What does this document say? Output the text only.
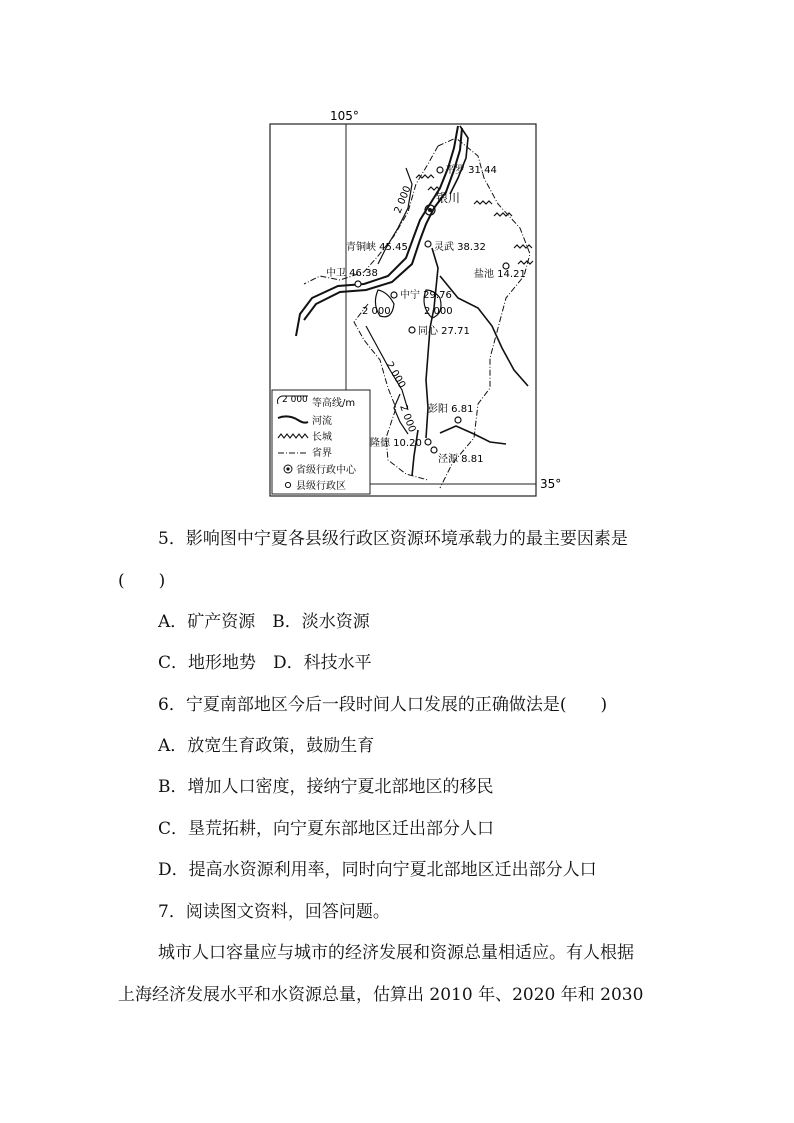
105°
35°
2 000
2 000	2 000
2 000
2 000
银川
平罗 31.44
青铜峡 45.45	灵武 38.32
盐池 14.21
中卫 46.38
中宁 29.76
同心 27.71
彭阳 6.81
隆德 10.20
泾源 8.81
2 000 等高线/m
河流
长城
省界
省级行政中心
县级行政区
5．影响图中宁夏各县级行政区资源环境承载力的最主要因素是
(　　)
A．矿产资源　B．淡水资源
C．地形地势　D．科技水平
6．宁夏南部地区今后一段时间人口发展的正确做法是(　　)
A．放宽生育政策，鼓励生育
B．增加人口密度，接纳宁夏北部地区的移民
C．垦荒拓耕，向宁夏东部地区迁出部分人口
D．提高水资源利用率，同时向宁夏北部地区迁出部分人口
7．阅读图文资料，回答问题。
城市人口容量应与城市的经济发展和资源总量相适应。有人根据
上海经济发展水平和水资源总量，估算出 2010 年、2020 年和 2030
